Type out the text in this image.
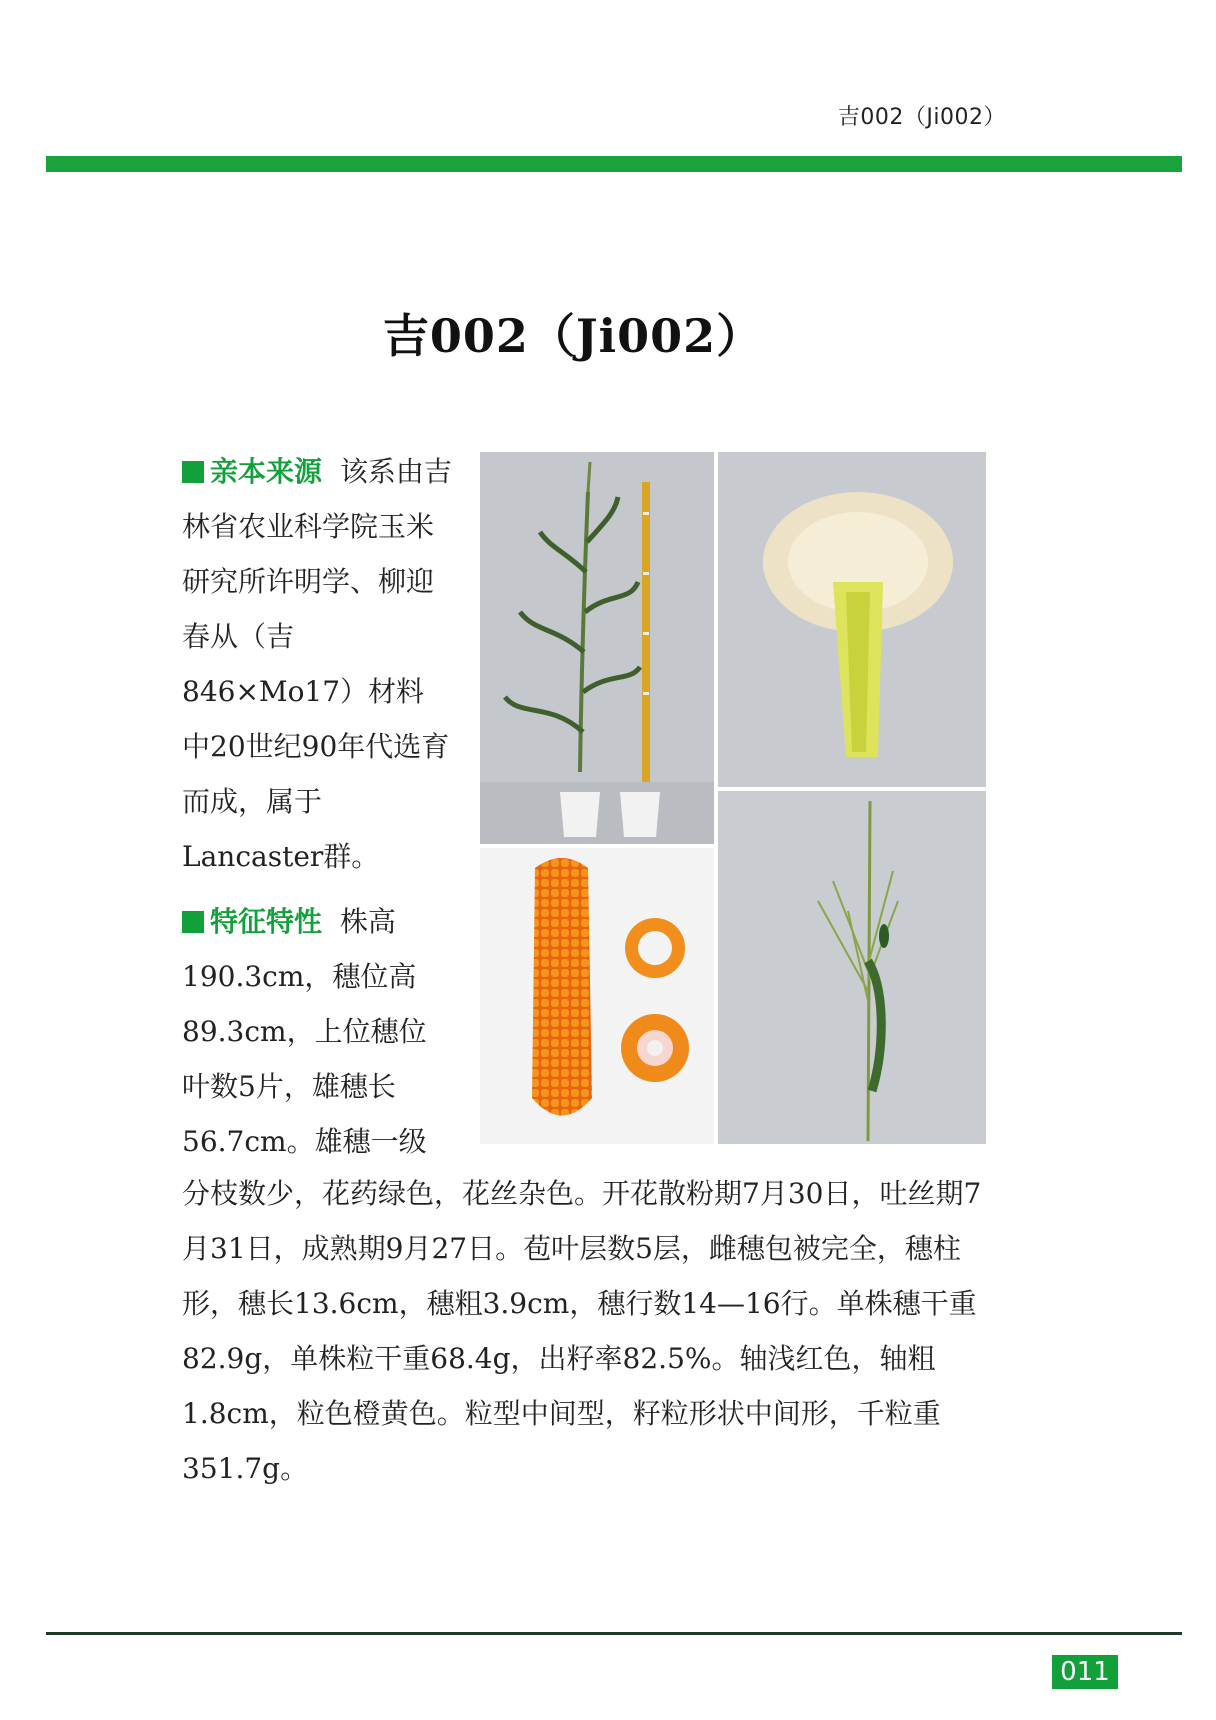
吉002（Ji002）
吉002（Ji002）
亲本来源 该系由吉林省农业科学院玉米研究所许明学、柳迎春从（吉846×Mo17）材料中20世纪90年代选育而成，属于Lancaster群。
特征特性 株高190.3cm，穗位高89.3cm，上位穗位叶数5片，雄穗长56.7cm。雄穗一级
分枝数少，花药绿色，花丝杂色。开花散粉期7月30日，吐丝期7月31日，成熟期9月27日。苞叶层数5层，雌穗包被完全，穗柱形，穗长13.6cm，穗粗3.9cm，穗行数14—16行。单株穗干重82.9g，单株粒干重68.4g，出籽率82.5%。轴浅红色，轴粗1.8cm，粒色橙黄色。粒型中间型，籽粒形状中间形，千粒重351.7g。
011
